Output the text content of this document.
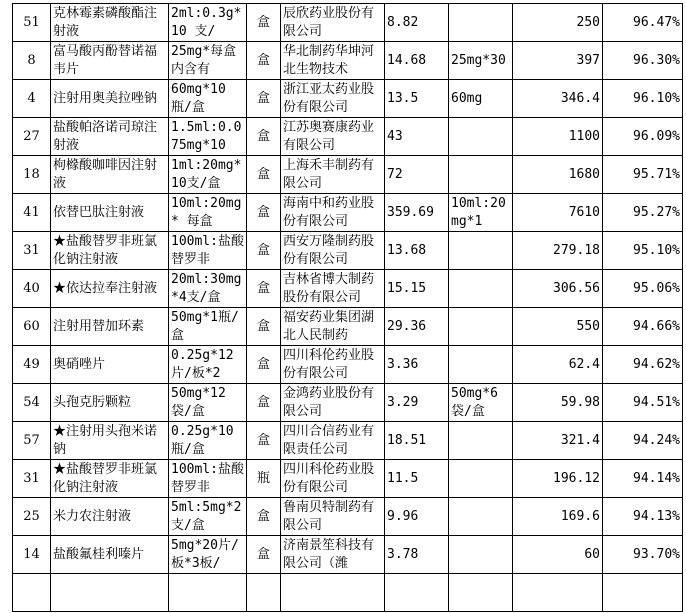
51	克林霉素磷酸酯注射液	2ml:0.3g*10 支/	盒	辰欣药业股份有限公司	8.82		250	96.47%

8	富马酸丙酚替诺福韦片	25mg*每盒内含有	盒	华北制药华坤河北生物技术	14.68	25mg*30	397	96.30%

4	注射用奥美拉唑钠	60mg*10瓶/盒	盒	浙江亚太药业股份有限公司	13.5	60mg	346.4	96.10%

27	盐酸帕洛诺司琼注射液	1.5ml:0.075mg*10	盒	江苏奥赛康药业有限公司	43		1100	96.09%

18	枸橼酸咖啡因注射液	1ml:20mg*10支/盒	盒	上海禾丰制药有限公司	72		1680	95.71%

41	依替巴肽注射液	10ml:20mg* 每盒	盒	海南中和药业股份有限公司	359.69	10ml:20mg*1	7610	95.27%

31	★盐酸替罗非班氯化钠注射液	100ml:盐酸替罗非	盒	西安万隆制药股份有限公司	13.68		279.18	95.10%

40	★依达拉奉注射液	20ml:30mg*4支/盒	盒	吉林省博大制药股份有限公司	15.15		306.56	95.06%

60	注射用替加环素	50mg*1瓶/盒	盒	福安药业集团湖北人民制药	29.36		550	94.66%

49	奥硝唑片	0.25g*12片/板*2	盒	四川科伦药业股份有限公司	3.36		62.4	94.62%

54	头孢克肟颗粒	50mg*12袋/盒	盒	金鸿药业股份有限公司	3.29	50mg*6袋/盒	59.98	94.51%

57	★注射用头孢米诺钠	0.25g*10瓶/盒	盒	四川合信药业有限责任公司	18.51		321.4	94.24%

31	★盐酸替罗非班氯化钠注射液	100ml:盐酸替罗非	瓶	四川科伦药业股份有限公司	11.5		196.12	94.14%

25	米力农注射液	5ml:5mg*2支/盒	盒	鲁南贝特制药有限公司	9.96		169.6	94.13%

14	盐酸氟桂利嗪片	5mg*20片/板*3板/	盒	济南景笙科技有限公司（潍	3.78		60	93.70%
